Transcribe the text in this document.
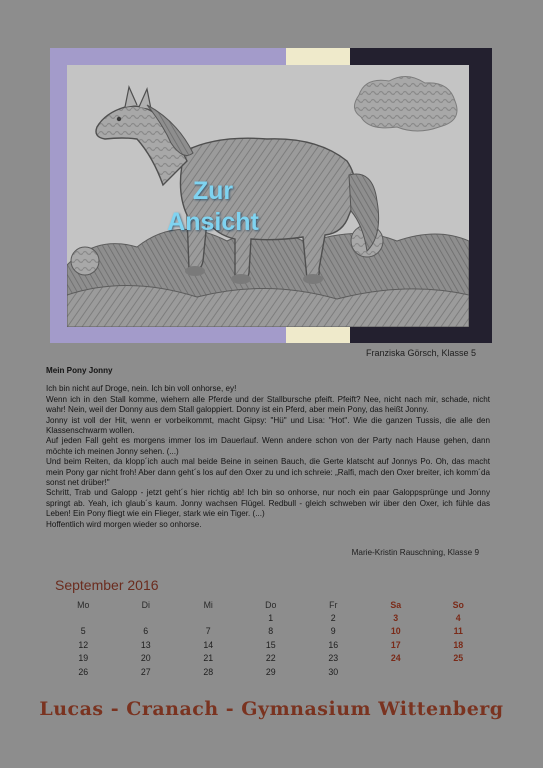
Zur
Ansicht
Franziska Görsch, Klasse 5
Mein Pony Jonny

Ich bin nicht auf Droge, nein. Ich bin voll onhorse, ey!

Wenn ich in den Stall komme, wiehern alle Pferde und der Stallbursche pfeift. Pfeift? Nee, nicht nach mir, schade, nicht wahr! Nein, weil der Donny aus dem Stall galoppiert. Donny ist ein Pferd, aber mein Pony, das heißt Jonny.

Jonny ist voll der Hit, wenn er vorbeikommt, macht Gipsy: "Hü" und Lisa: "Hot". Wie die ganzen Tussis, die alle den Klassenschwarm wollen.

Auf jeden Fall geht es morgens immer los im Dauerlauf. Wenn andere schon von der Party nach Hause gehen, dann möchte ich meinen Jonny sehen. (...)

Und beim Reiten, da klopp´ich auch mal beide Beine in seinen Bauch, die Gerte klatscht auf Jonnys Po. Oh, das macht mein Pony gar nicht froh! Aber dann geht´s los auf den Oxer zu und ich schreie: „Ralfi, mach den Oxer breiter, ich komm´da sonst net drüber!"

Schritt, Trab und Galopp - jetzt geht´s hier richtig ab! Ich bin so onhorse, nur noch ein paar Galoppsprünge und Jonny springt ab. Yeah, ich glaub´s kaum. Jonny wachsen Flügel. Redbull - gleich schweben wir über den Oxer, ich fühle das Leben! Ein Pony fliegt wie ein Flieger, stark wie ein Tiger. (...)

Hoffentlich wird morgen wieder so onhorse.

Marie-Kristin Rauschning, Klasse 9
September 2016
Mo	Di	Mi	Do	Fr	Sa	So
			1	2	3	4
5	6	7	8	9	10	11
12	13	14	15	16	17	18
19	20	21	22	23	24	25
26	27	28	29	30		
Lucas - Cranach - Gymnasium Wittenberg
